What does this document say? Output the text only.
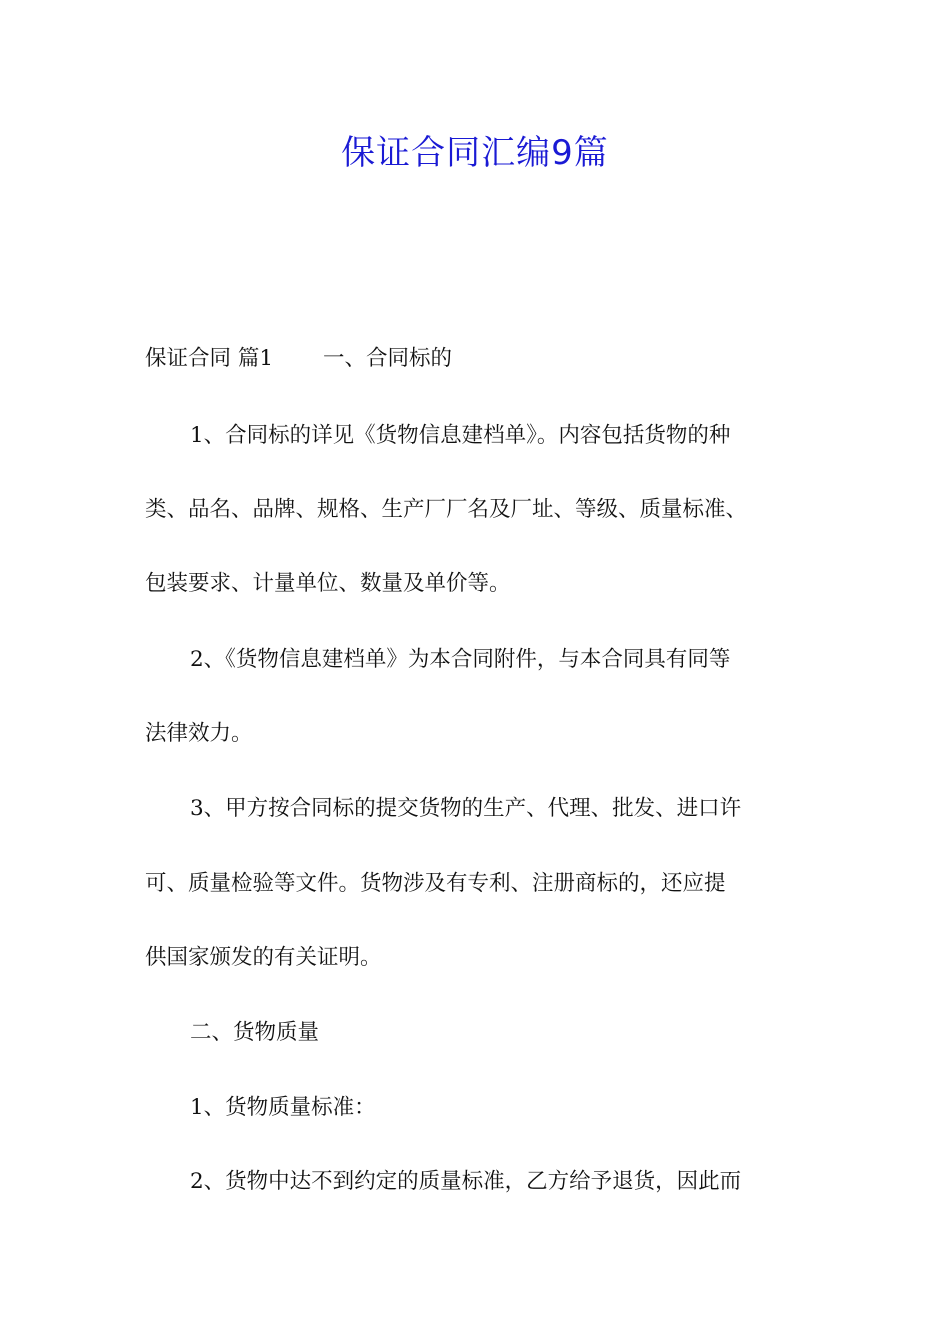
保证合同汇编9篇
保证合同 篇1 一、合同标的
1、合同标的详见《货物信息建档单》。内容包括货物的种
类、品名、品牌、规格、生产厂厂名及厂址、等级、质量标准、
包装要求、计量单位、数量及单价等。
2、《货物信息建档单》为本合同附件，与本合同具有同等
法律效力。
3、甲方按合同标的提交货物的生产、代理、批发、进口许
可、质量检验等文件。货物涉及有专利、注册商标的，还应提
供国家颁发的有关证明。
二、货物质量
1、货物质量标准：
2、货物中达不到约定的质量标准，乙方给予退货，因此而
